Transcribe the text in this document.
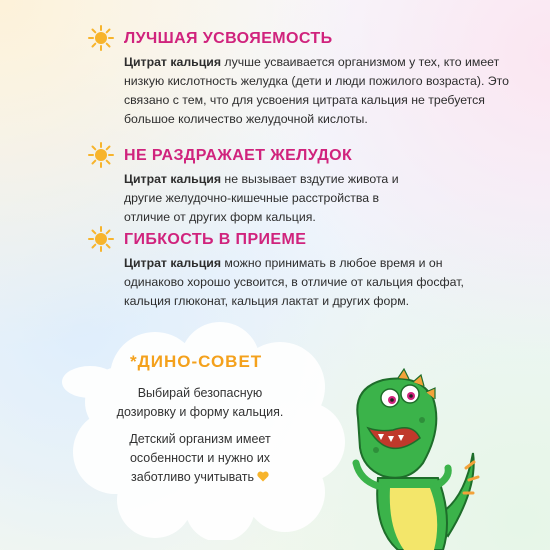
ЛУЧШАЯ УСВОЯЕМОСТЬ

Цитрат кальция лучше усваивается организмом у тех, кто имеет низкую кислотность желудка (дети и люди пожилого возраста). Это связано с тем, что для усвоения цитрата кальция не требуется большое количество желудочной кислоты.

НЕ РАЗДРАЖАЕТ ЖЕЛУДОК

Цитрат кальция не вызывает вздутие живота и другие желудочно-кишечные расстройства в отличие от других форм кальция.

ГИБКОСТЬ В ПРИЕМЕ

Цитрат кальция можно принимать в любое время и он одинаково хорошо усвоится, в отличие от кальция фосфат, кальция глюконат, кальция лактат и других форм.

*ДИНО-СОВЕТ

Выбирай безопасную дозировку и форму кальция.

Детский организм имеет особенности и нужно их заботливо учитывать
